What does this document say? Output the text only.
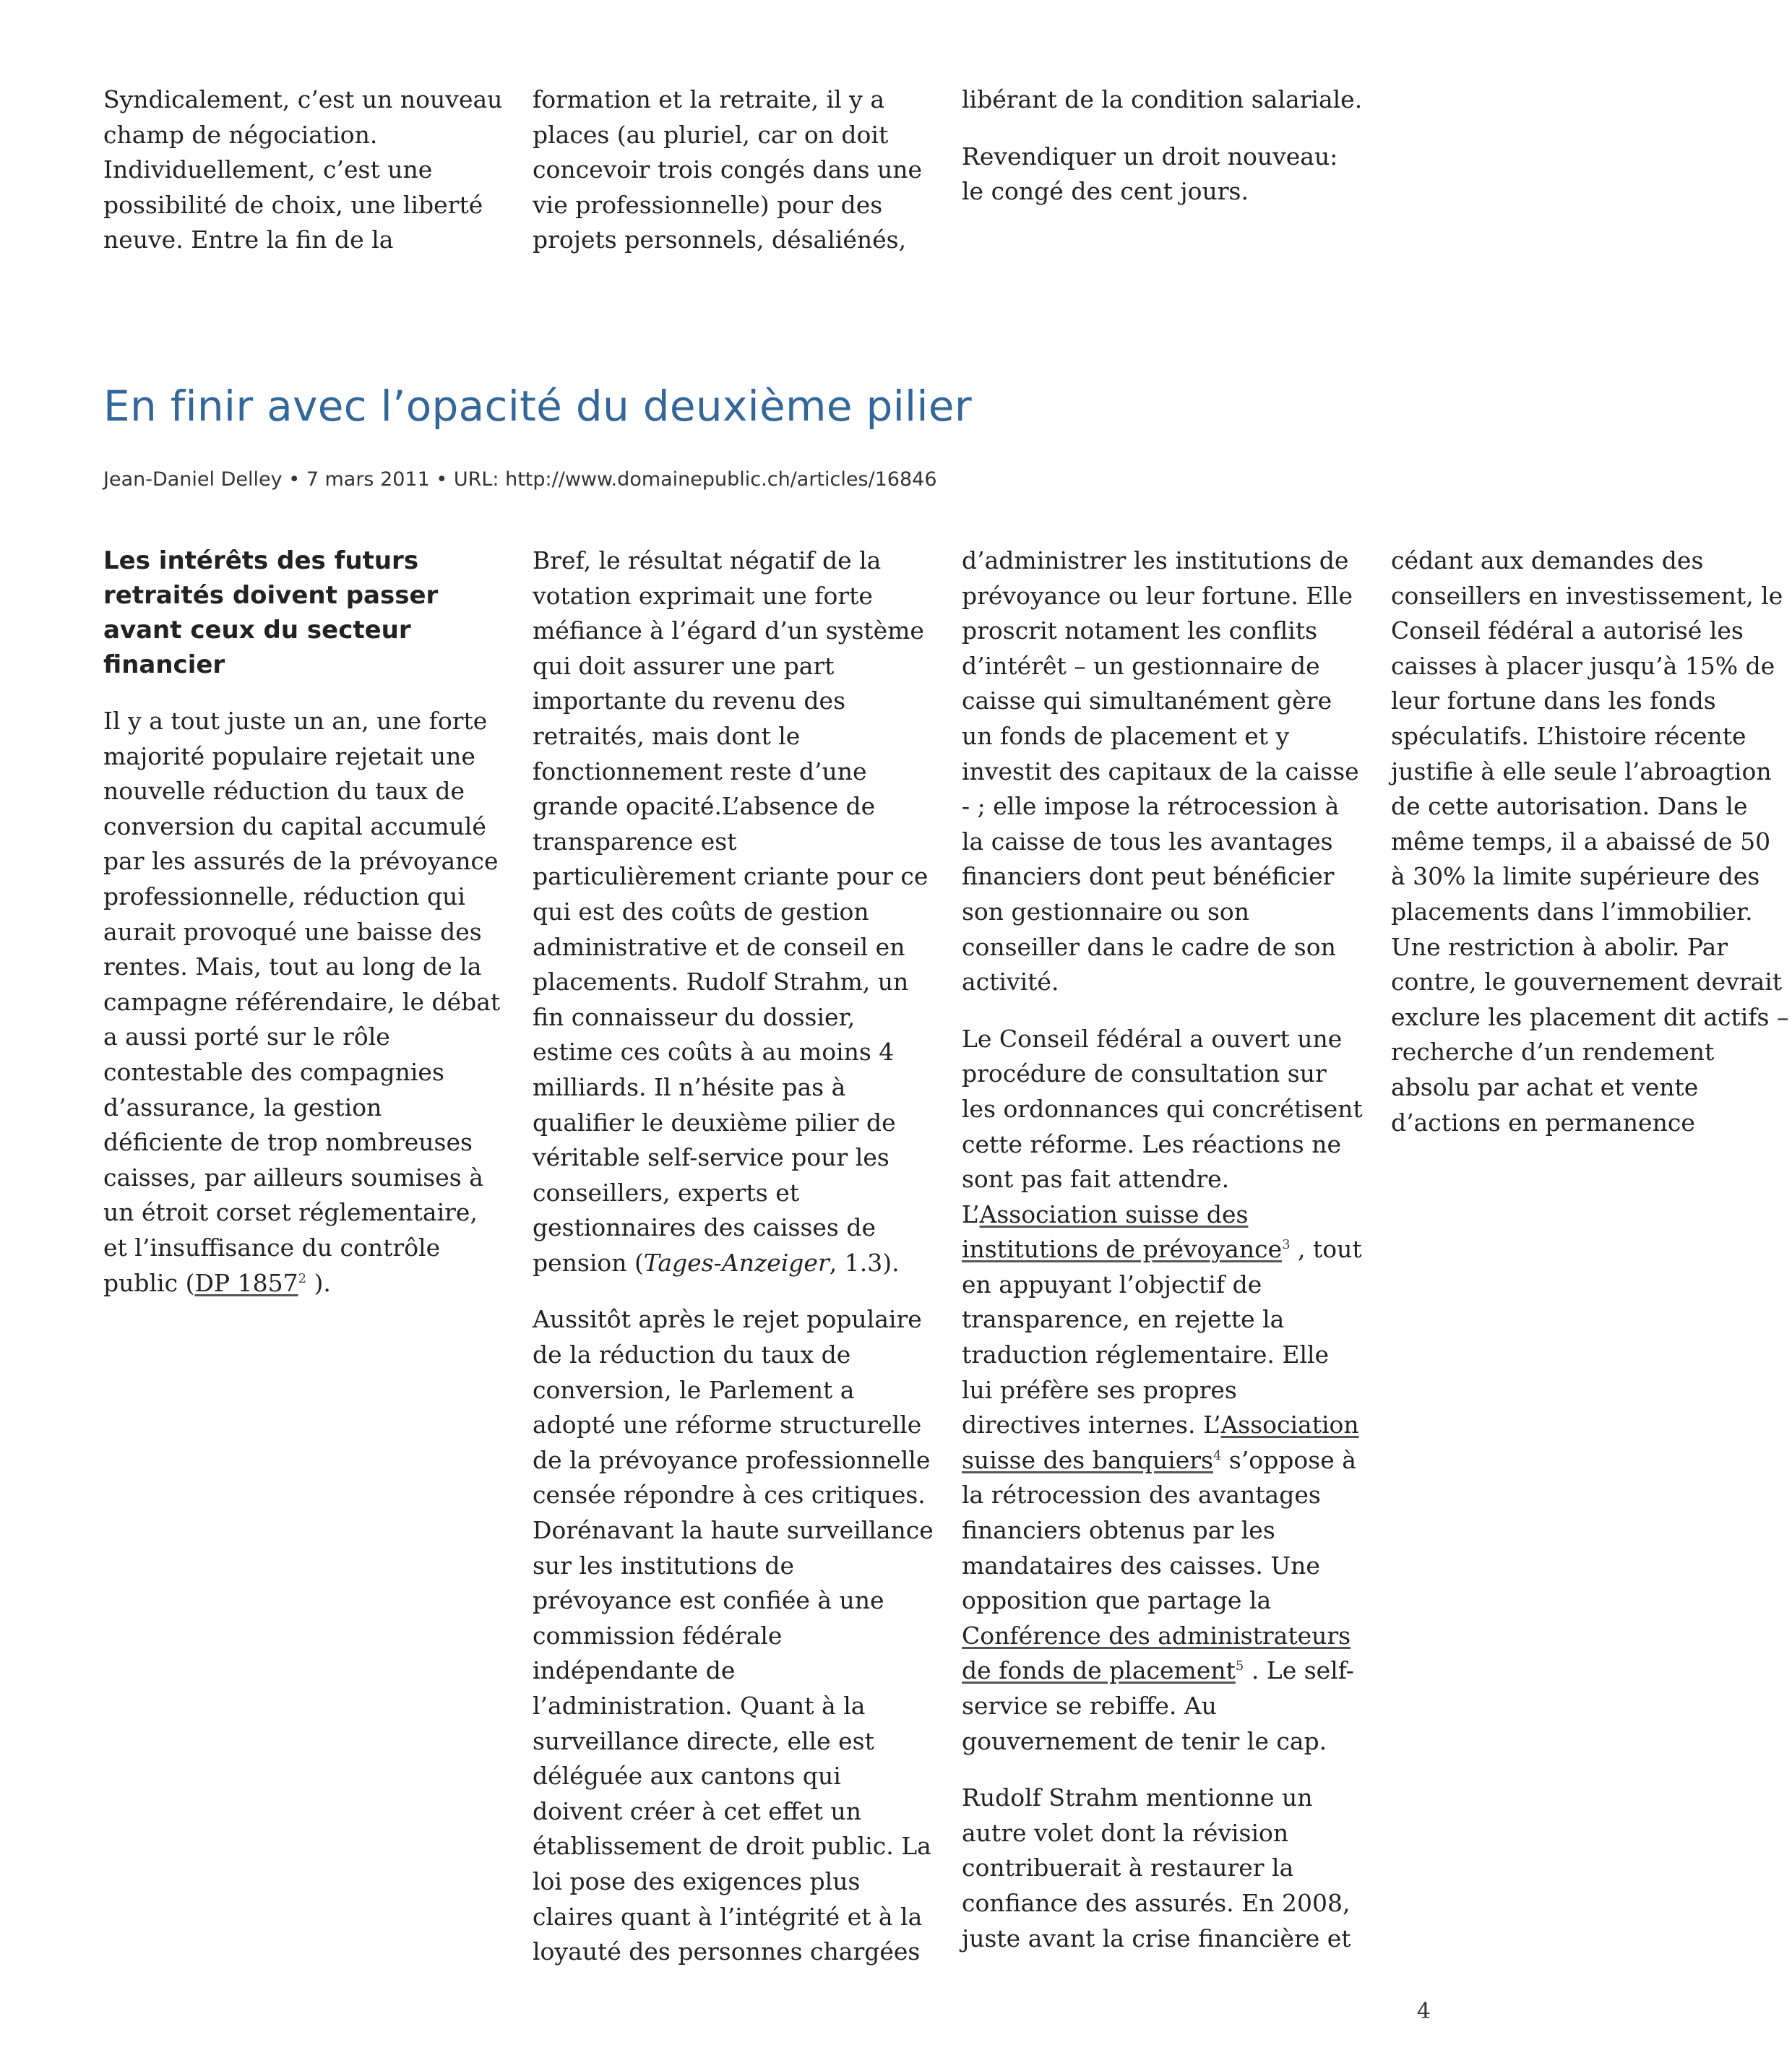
Syndicalement, c’est un nouveau champ de négociation. Individuellement, c’est une possibilité de choix, une liberté neuve. Entre la fin de la

formation et la retraite, il y a places (au pluriel, car on doit concevoir trois congés dans une vie professionnelle) pour des projets personnels, désaliénés,

libérant de la condition salariale.

Revendiquer un droit nouveau: le congé des cent jours.

En finir avec l’opacité du deuxième pilier
Jean-Daniel Delley • 7 mars 2011 • URL: http://www.domainepublic.ch/articles/16846
Les intérêts des futurs retraités doivent passer avant ceux du secteur financier

Il y a tout juste un an, une forte majorité populaire rejetait une nouvelle réduction du taux de conversion du capital accumulé par les assurés de la prévoyance professionnelle, réduction qui aurait provoqué une baisse des rentes. Mais, tout au long de la campagne référendaire, le débat a aussi porté sur le rôle contestable des compagnies d’assurance, la gestion déficiente de trop nombreuses caisses, par ailleurs soumises à un étroit corset réglementaire, et l’insuffisance du contrôle public (DP 1857$^2$ ).

Bref, le résultat négatif de la votation exprimait une forte méfiance à l’égard d’un système qui doit assurer une part importante du revenu des retraités, mais dont le fonctionnement reste d’une grande opacité.L’absence de transparence est particulièrement criante pour ce qui est des coûts de gestion administrative et de conseil en placements. Rudolf Strahm, un fin connaisseur du dossier, estime ces coûts à au moins 4 milliards. Il n’hésite pas à qualifier le deuxième pilier de véritable self-service pour les conseillers, experts et gestionnaires des caisses de pension (Tages-Anzeiger, 1.3).

Aussitôt après le rejet populaire de la réduction du taux de conversion, le Parlement a adopté une réforme structurelle de la prévoyance professionnelle censée répondre à ces critiques. Dorénavant la haute surveillance sur les institutions de prévoyance est confiée à une commission fédérale indépendante de l’administration. Quant à la surveillance directe, elle est déléguée aux cantons qui doivent créer à cet effet un établissement de droit public. La loi pose des exigences plus claires quant à l’intégrité et à la loyauté des personnes chargées d’administrer les institutions de prévoyance ou leur fortune. Elle proscrit notament les conflits d’intérêt – un gestionnaire de caisse qui simultanément gère un fonds de placement et y investit des capitaux de la caisse - ; elle impose la rétrocession à la caisse de tous les avantages financiers dont peut bénéficier son gestionnaire ou son conseiller dans le cadre de son activité.

Le Conseil fédéral a ouvert une procédure de consultation sur les ordonnances qui concrétisent cette réforme. Les réactions ne sont pas fait attendre. L’Association suisse des institutions de prévoyance$^3$ , tout en appuyant l’objectif de transparence, en rejette la traduction réglementaire. Elle lui préfère ses propres directives internes. L’Association suisse des banquiers$^4$ s’oppose à la rétrocession des avantages financiers obtenus par les mandataires des caisses. Une opposition que partage la Conférence des administrateurs de fonds de placement$^5$ . Le self-service se rebiffe. Au gouvernement de tenir le cap.

Rudolf Strahm mentionne un autre volet dont la révision contribuerait à restaurer la confiance des assurés. En 2008, juste avant la crise financière et cédant aux demandes des conseillers en investissement, le Conseil fédéral a autorisé les caisses à placer jusqu’à 15% de leur fortune dans les fonds spéculatifs. L’histoire récente justifie à elle seule l’abroagtion de cette autorisation. Dans le même temps, il a abaissé de 50 à 30% la limite supérieure des placements dans l’immobilier. Une restriction à abolir. Par contre, le gouvernement devrait exclure les placement dit actifs – recherche d’un rendement absolu par achat et vente d’actions en permanence

4
